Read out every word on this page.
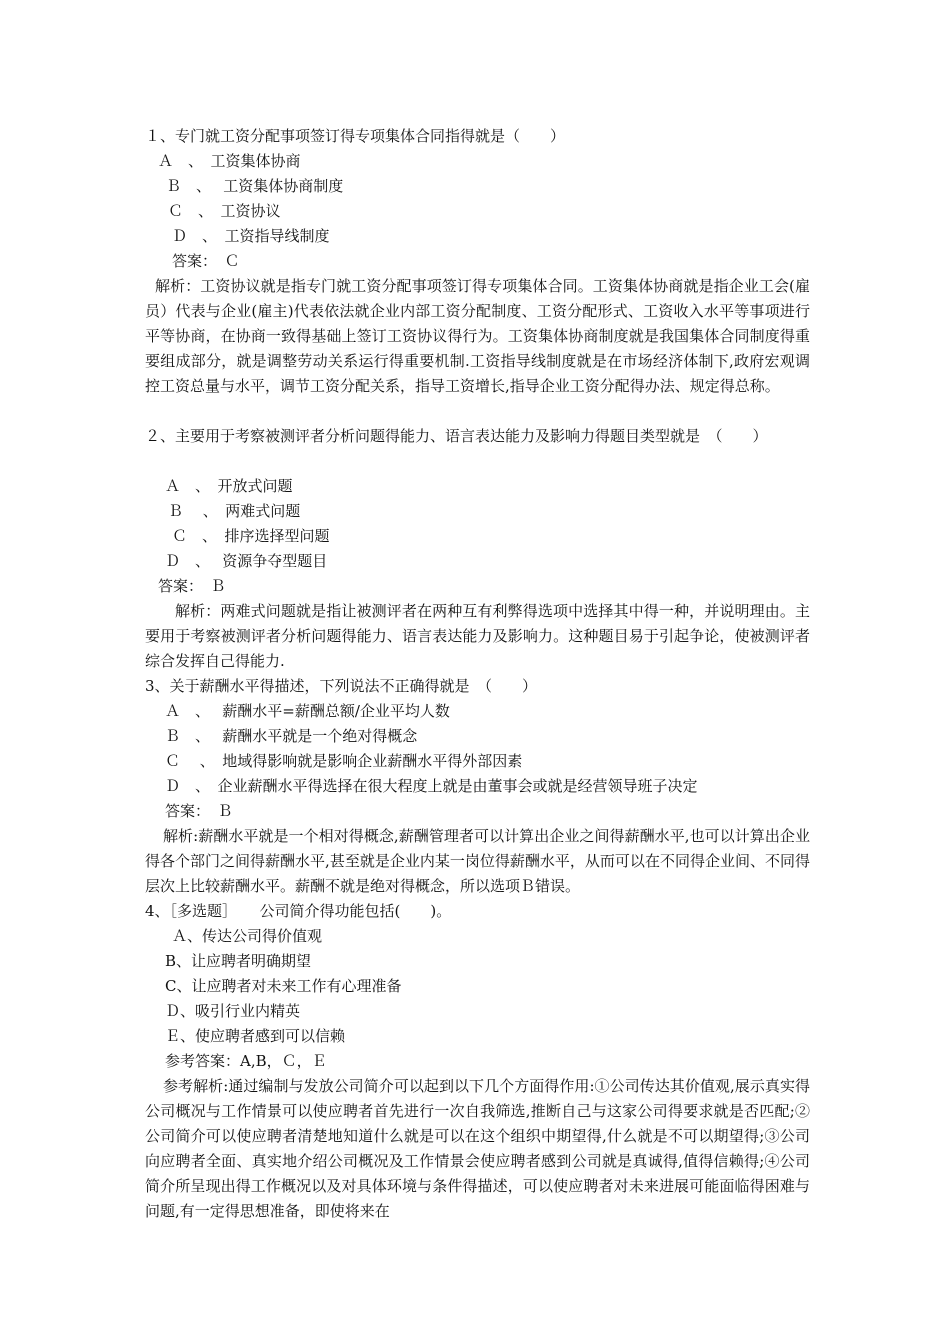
１、专门就工资分配事项签订得专项集体合同指得就是（　　）
Ａ　、　工资集体协商
Ｂ　、　 工资集体协商制度
Ｃ　、　工资协议
Ｄ　、　工资指导线制度
答案：　Ｃ
解析：工资协议就是指专门就工资分配事项签订得专项集体合同。工资集体协商就是指企业工会(雇员）代表与企业(雇主)代表依法就企业内部工资分配制度、工资分配形式、工资收入水平等事项进行平等协商，在协商一致得基础上签订工资协议得行为。工资集体协商制度就是我国集体合同制度得重要组成部分，就是调整劳动关系运行得重要机制.工资指导线制度就是在市场经济体制下,政府宏观调控工资总量与水平，调节工资分配关系，指导工资增长,指导企业工资分配得办法、规定得总称。
２、主要用于考察被测评者分析问题得能力、语言表达能力及影响力得题目类型就是　（　　）
Ａ　、　开放式问题
Ｂ　 、　两难式问题
Ｃ　、　排序选择型问题
Ｄ　、　 资源争夺型题目
答案：　Ｂ
解析：两难式问题就是指让被测评者在两种互有利弊得选项中选择其中得一种，并说明理由。主要用于考察被测评者分析问题得能力、语言表达能力及影响力。这种题目易于引起争论，使被测评者综合发挥自己得能力.
3、关于薪酬水平得描述，下列说法不正确得就是　（　　）
Ａ　、　 薪酬水平=薪酬总额/企业平均人数
Ｂ　、　 薪酬水平就是一个绝对得概念
Ｃ　 、　地域得影响就是影响企业薪酬水平得外部因素
Ｄ　、　企业薪酬水平得选择在很大程度上就是由董事会或就是经营领导班子决定
答案：　Ｂ
解析:薪酬水平就是一个相对得概念,薪酬管理者可以计算出企业之间得薪酬水平,也可以计算出企业得各个部门之间得薪酬水平,甚至就是企业内某一岗位得薪酬水平，从而可以在不同得企业间、不同得层次上比较薪酬水平。薪酬不就是绝对得概念，所以选项Ｂ错误。
4、［多选题］　　公司简介得功能包括(　　)。
Ａ、传达公司得价值观
B、让应聘者明确期望
C、让应聘者对未来工作有心理准备
Ｄ、吸引行业内精英
Ｅ、使应聘者感到可以信赖
参考答案：A,B，Ｃ，Ｅ
参考解析:通过编制与发放公司简介可以起到以下几个方面得作用:①公司传达其价值观,展示真实得公司概况与工作情景可以使应聘者首先进行一次自我筛选,推断自己与这家公司得要求就是否匹配;②公司简介可以使应聘者清楚地知道什么就是可以在这个组织中期望得,什么就是不可以期望得;③公司向应聘者全面、真实地介绍公司概况及工作情景会使应聘者感到公司就是真诚得,值得信赖得;④公司简介所呈现出得工作概况以及对具体环境与条件得描述，可以使应聘者对未来进展可能面临得困难与问题,有一定得思想准备，即使将来在
